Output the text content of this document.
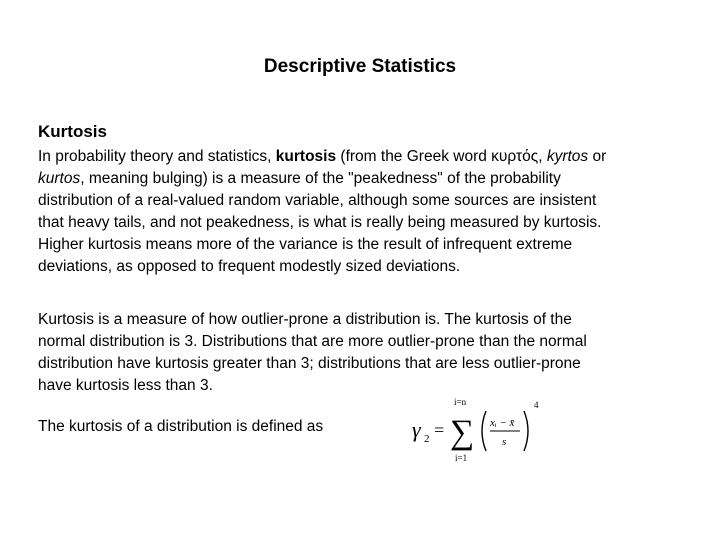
Descriptive Statistics
Kurtosis
In probability theory and statistics, kurtosis (from the Greek word κυρτός, kyrtos or
kurtos, meaning bulging) is a measure of the "peakedness" of the probability
distribution of a real-valued random variable, although some sources are insistent
that heavy tails, and not peakedness, is what is really being measured by kurtosis.
Higher kurtosis means more of the variance is the result of infrequent extreme
deviations, as opposed to frequent modestly sized deviations.
Kurtosis is a measure of how outlier-prone a distribution is. The kurtosis of the
normal distribution is 3. Distributions that are more outlier-prone than the normal
distribution have kurtosis greater than 3; distributions that are less outlier-prone
have kurtosis less than 3.
The kurtosis of a distribution is defined as	γ 2 =
i=n
∑
i=1
xᵢ − x̄
s
4
